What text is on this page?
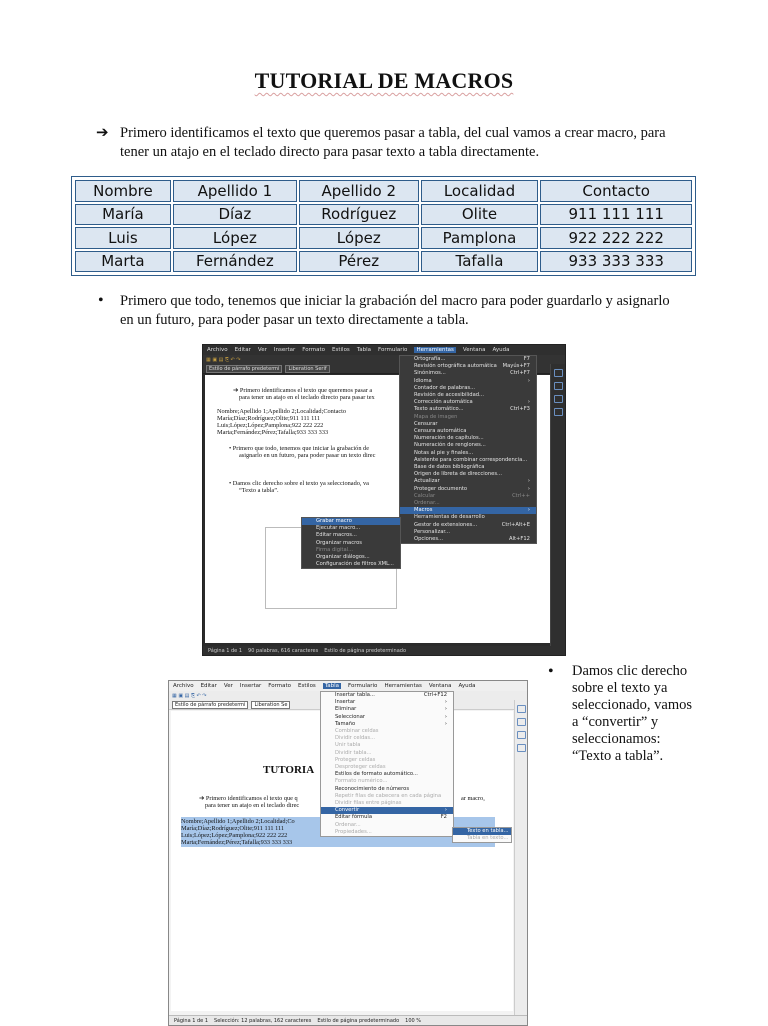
TUTORIAL DE MACROS
➔ Primero identificamos el texto que queremos pasar a tabla, del cual vamos a crear macro, para tener un atajo en el teclado directo para pasar texto a tabla directamente.
Nombre	Apellido 1	Apellido 2	Localidad	Contacto
María	Díaz	Rodríguez	Olite	911 111 111
Luis	López	López	Pamplona	922 222 222
Marta	Fernández	Pérez	Tafalla	933 333 333
• Primero que todo, tenemos que iniciar la grabación del macro para poder guardarlo y asignarlo en un futuro, para poder pasar un texto directamente a tabla.
Archivo Editar Ver Insertar Formato Estilos Tabla Formulario	Herramientas	Ventana Ayuda
▦ ▣ ▤ ⎘ ↶ ↷
Estilo de párrafo predetermi	Liberation Serif
➔ Primero identificamos el texto que queremos pasar a
para tener un atajo en el teclado directo para pasar tex
Nombre;Apellido 1;Apellido 2;Localidad;Contacto
María;Díaz;Rodríguez;Olite;911 111 111
Luis;López;López;Pamplona;922 222 222
Marta;Fernández;Pérez;Tafalla;933 333 333
• Primero que todo, tenemos que iniciar la grabación de
asignarlo en un futuro, para poder pasar un texto direc
• Damos clic derecho sobre el texto ya seleccionado, va
“Texto a tabla”.
Ortografía...	F7
Revisión ortográfica automática Mayús+F7
Sinónimos...	Ctrl+F7
Idioma	›
Contador de palabras...
Revisión de accesibilidad...
Corrección automática	›
Texto automático...	Ctrl+F3
Mapa de imagen
Censurar
Censura automática
Numeración de capítulos...
Numeración de renglones...
Notas al pie y finales...
Asistente para combinar correspondencia...
Base de datos bibliográfica
Origen de libreta de direcciones...
Actualizar	›
Proteger documento	›
Calcular	Ctrl++
Ordenar...
Macros	›
Herramientas de desarrollo
Gestor de extensiones...	Ctrl+Alt+E
Personalizar...
Opciones...	Alt+F12
Grabar macro
Ejecutar macro...
Editar macros...
Organizar macros
Firma digital...
Organizar diálogos...
Configuración de filtros XML...
Página 1 de 1 90 palabras, 616 caracteres Estilo de página predeterminado
• Damos clic derecho sobre el texto ya seleccionado, vamos a “convertir” y seleccionamos: “Texto a tabla”.
Archivo Editar Ver Insertar Formato Estilos	Tabla	Formulario Herramientas Ventana Ayuda
▦ ▣ ▤ ⎘ ↶ ↷
Estilo de párrafo predetermi	Liberation Se
TUTORIA
➔ Primero identificamos el texto que q
para tener un atajo en el teclado direc
ar macro,
Nombre;Apellido 1;Apellido 2;Localidad;Co
María;Díaz;Rodríguez;Olite;911 111 111
Luis;López;López;Pamplona;922 222 222
Marta;Fernández;Pérez;Tafalla;933 333 333
Insertar tabla...	Ctrl+F12
Insertar	›
Eliminar	›
Seleccionar	›
Tamaño	›
Combinar celdas
Dividir celdas...
Unir tabla
Dividir tabla...
Proteger celdas
Desproteger celdas
Estilos de formato automático...
Formato numérico...
Reconocimiento de números
Repetir filas de cabecera en cada página
Dividir filas entre páginas
Convertir	›
Editar fórmula	F2
Ordenar...
Propiedades...	Texto en tabla...
Tabla en texto...
Página 1 de 1 Selección: 12 palabras, 162 caracteres Estilo de página predeterminado 100 %
